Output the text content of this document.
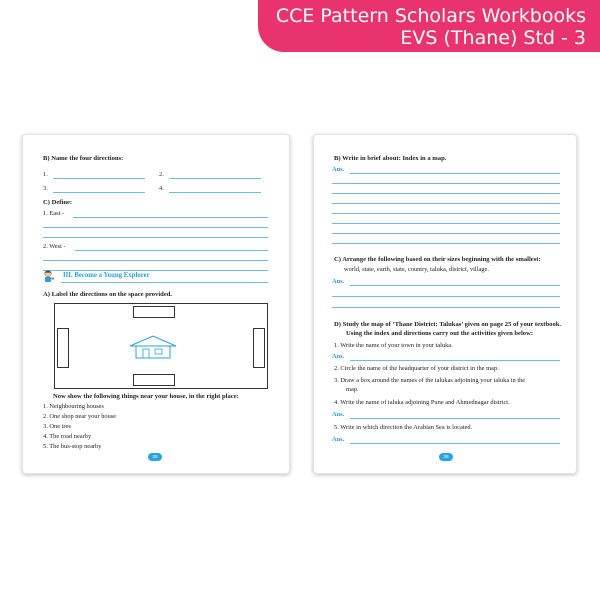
CCE Pattern Scholars Workbooks
EVS (Thane) Std - 3
B) Name the four directions:
1.	2.
3.	4.
C) Define:
1. East -
2. West -
III. Become a Young Explorer
A) Label the directions on the space provided.
Now show the following things near your house, in the right place:
1. Neighbouring houses
2. One shop near your house
3. One tree
4. The road nearby
5. The bus-stop nearby
25
B) Write in brief about: Index in a map.
Ans.
C) Arrange the following based on their sizes beginning with the smallest:
world, state, earth, state, country, taluka, district, village.
Ans.
D) Study the map of ‘Thane District: Talukas’ given on page 25 of your textbook.
Using the index and directions carry out the activities given below:
1. Write the name of your town in your taluka.
Ans.
2. Circle the name of the headquarter of your district in the map.
3. Draw a box around the names of the talukas adjoining your taluka in the
map.
4. Write the name of taluka adjoining Pune and Ahmednagar district.
Ans.
5. Write in which direction the Arabian Sea is located.
Ans.
26
